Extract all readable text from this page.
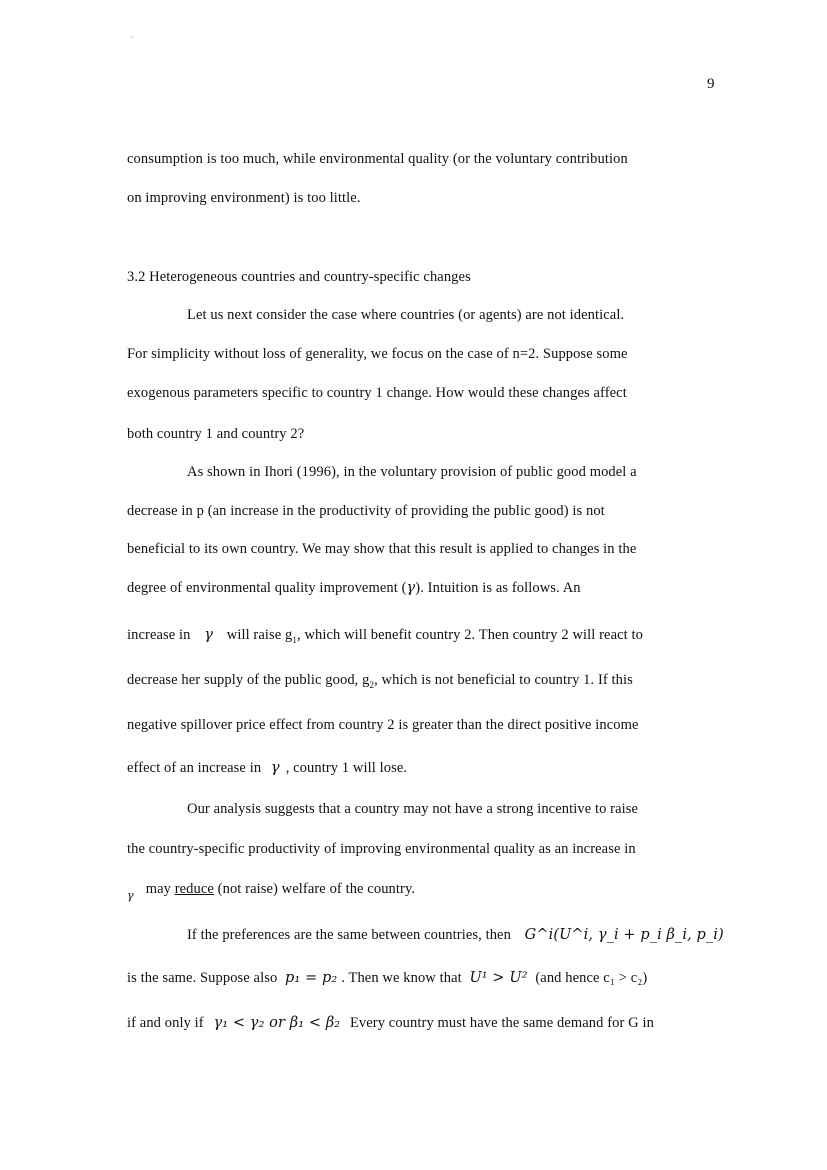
·
9
consumption is too much, while environmental quality (or the voluntary contribution
on improving environment) is too little.
3.2 Heterogeneous countries and country-specific changes
Let us next consider the case where countries (or agents) are not identical.
For simplicity without loss of generality, we focus on the case of n=2. Suppose some
exogenous parameters specific to country 1 change. How would these changes affect
both country 1 and country 2?
As shown in Ihori (1996), in the voluntary provision of public good model a
decrease in p (an increase in the productivity of providing the public good) is not
beneficial to its own country. We may show that this result is applied to changes in the
degree of environmental quality improvement (γ). Intuition is as follows. An
increase in γ will raise $g_1$, which will benefit country 2. Then country 2 will react to
decrease her supply of the public good, $g_2$, which is not beneficial to country 1. If this
negative spillover price effect from country 2 is greater than the direct positive income
effect of an increase in γ , country 1 will lose.
Our analysis suggests that a country may not have a strong incentive to raise
the country-specific productivity of improving environmental quality as an increase in
$_\gamma$ may reduce (not raise) welfare of the country.
If the preferences are the same between countries, then G^i(U^i, γ_i + p_i β_i, p_i)
is the same. Suppose also p₁ = p₂ . Then we know that U¹ > U² (and hence c₁ > c₂)
if and only if γ₁ < γ₂ or β₁ < β₂ Every country must have the same demand for G in
